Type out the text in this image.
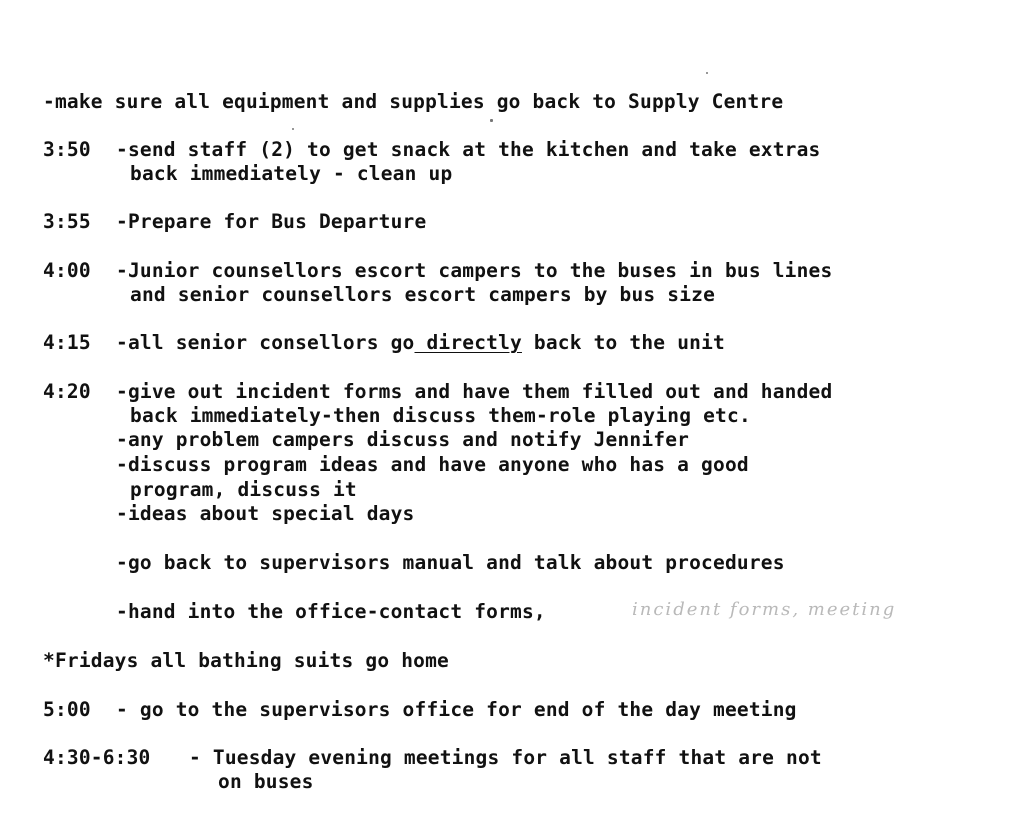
-make sure all equipment and supplies go back to Supply Centre
3:50 -send staff (2) to get snack at the kitchen and take extras
back immediately - clean up
3:55 -Prepare for Bus Departure
4:00 -Junior counsellors escort campers to the buses in bus lines
and senior counsellors escort campers by bus size
4:15 -all senior consellors go directly back to the unit
4:20 -give out incident forms and have them filled out and handed
back immediately-then discuss them-role playing etc.
-any problem campers discuss and notify Jennifer
-discuss program ideas and have anyone who has a good
program, discuss it
-ideas about special days
-go back to supervisors manual and talk about procedures
-hand into the office-contact forms,	incident forms, meeting
*Fridays all bathing suits go home
5:00 - go to the supervisors office for end of the day meeting
4:30-6:30 - Tuesday evening meetings for all staff that are not
on buses
